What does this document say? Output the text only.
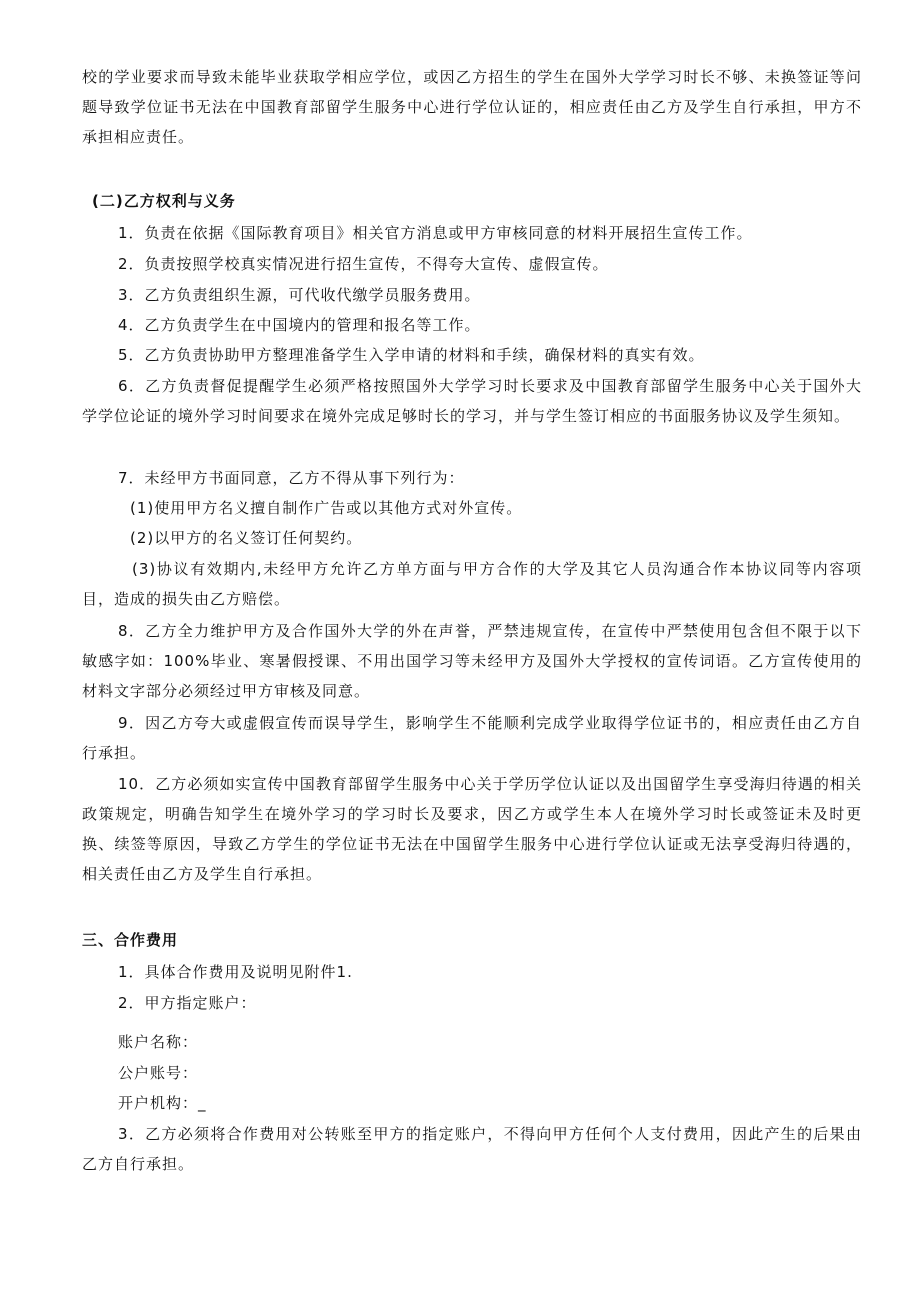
校的学业要求而导致未能毕业获取学相应学位，或因乙方招生的学生在国外大学学习时长不够、未换签证等问题导致学位证书无法在中国教育部留学生服务中心进行学位认证的，相应责任由乙方及学生自行承担，甲方不承担相应责任。

(二)乙方权利与义务

1．负责在依据《国际教育项目》相关官方消息或甲方审核同意的材料开展招生宣传工作。

2．负责按照学校真实情况进行招生宣传，不得夸大宣传、虚假宣传。

3．乙方负责组织生源，可代收代缴学员服务费用。

4．乙方负责学生在中国境内的管理和报名等工作。

5．乙方负责协助甲方整理准备学生入学申请的材料和手续，确保材料的真实有效。

6．乙方负责督促提醒学生必须严格按照国外大学学习时长要求及中国教育部留学生服务中心关于国外大学学位论证的境外学习时间要求在境外完成足够时长的学习，并与学生签订相应的书面服务协议及学生须知。

7．未经甲方书面同意，乙方不得从事下列行为：

(1)使用甲方名义擅自制作广告或以其他方式对外宣传。

(2)以甲方的名义签订任何契约。

(3)协议有效期内,未经甲方允许乙方单方面与甲方合作的大学及其它人员沟通合作本协议同等内容项目，造成的损失由乙方赔偿。

8．乙方全力维护甲方及合作国外大学的外在声誉，严禁违规宣传，在宣传中严禁使用包含但不限于以下敏感字如：100%毕业、寒暑假授课、不用出国学习等未经甲方及国外大学授权的宣传词语。乙方宣传使用的材料文字部分必须经过甲方审核及同意。

9．因乙方夸大或虚假宣传而误导学生，影响学生不能顺利完成学业取得学位证书的，相应责任由乙方自行承担。

10．乙方必须如实宣传中国教育部留学生服务中心关于学历学位认证以及出国留学生享受海归待遇的相关政策规定，明确告知学生在境外学习的学习时长及要求，因乙方或学生本人在境外学习时长或签证未及时更换、续签等原因，导致乙方学生的学位证书无法在中国留学生服务中心进行学位认证或无法享受海归待遇的，相关责任由乙方及学生自行承担。

三、合作费用

1．具体合作费用及说明见附件1.

2．甲方指定账户：

账户名称：

公户账号：

开户机构：_

3．乙方必须将合作费用对公转账至甲方的指定账户，不得向甲方任何个人支付费用，因此产生的后果由乙方自行承担。
